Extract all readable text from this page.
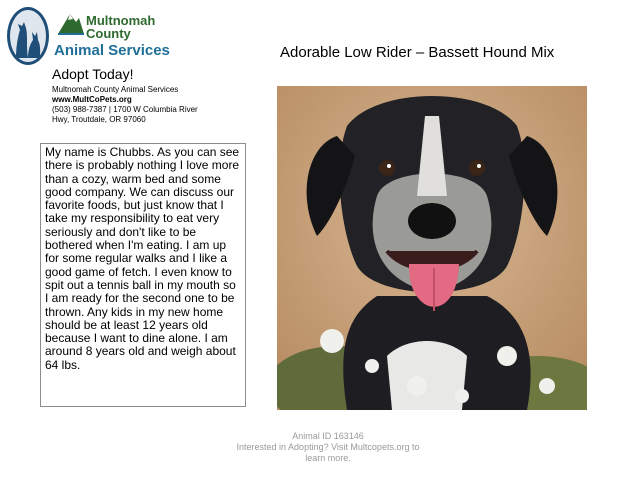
Multnomah
County
Animal Services
Adopt Today!
Multnomah County Animal Services
www.MultCoPets.org
(503) 988-7387 | 1700 W Columbia River
Hwy, Troutdale, OR 97060
Adorable Low Rider – Bassett Hound Mix
My name is Chubbs. As you can see there is probably nothing I love more than a cozy, warm bed and some good company. We can discuss our favorite foods, but just know that I take my responsibility to eat very seriously and don't like to be bothered when I'm eating. I am up for some regular walks and I like a good game of fetch. I even know to spit out a tennis ball in my mouth so I am ready for the second one to be thrown. Any kids in my new home should be at least 12 years old because I want to dine alone. I am around 8 years old and weigh about 64 lbs.
Animal ID 163146
Interested in Adopting? Visit Multcopets.org to
learn more.
